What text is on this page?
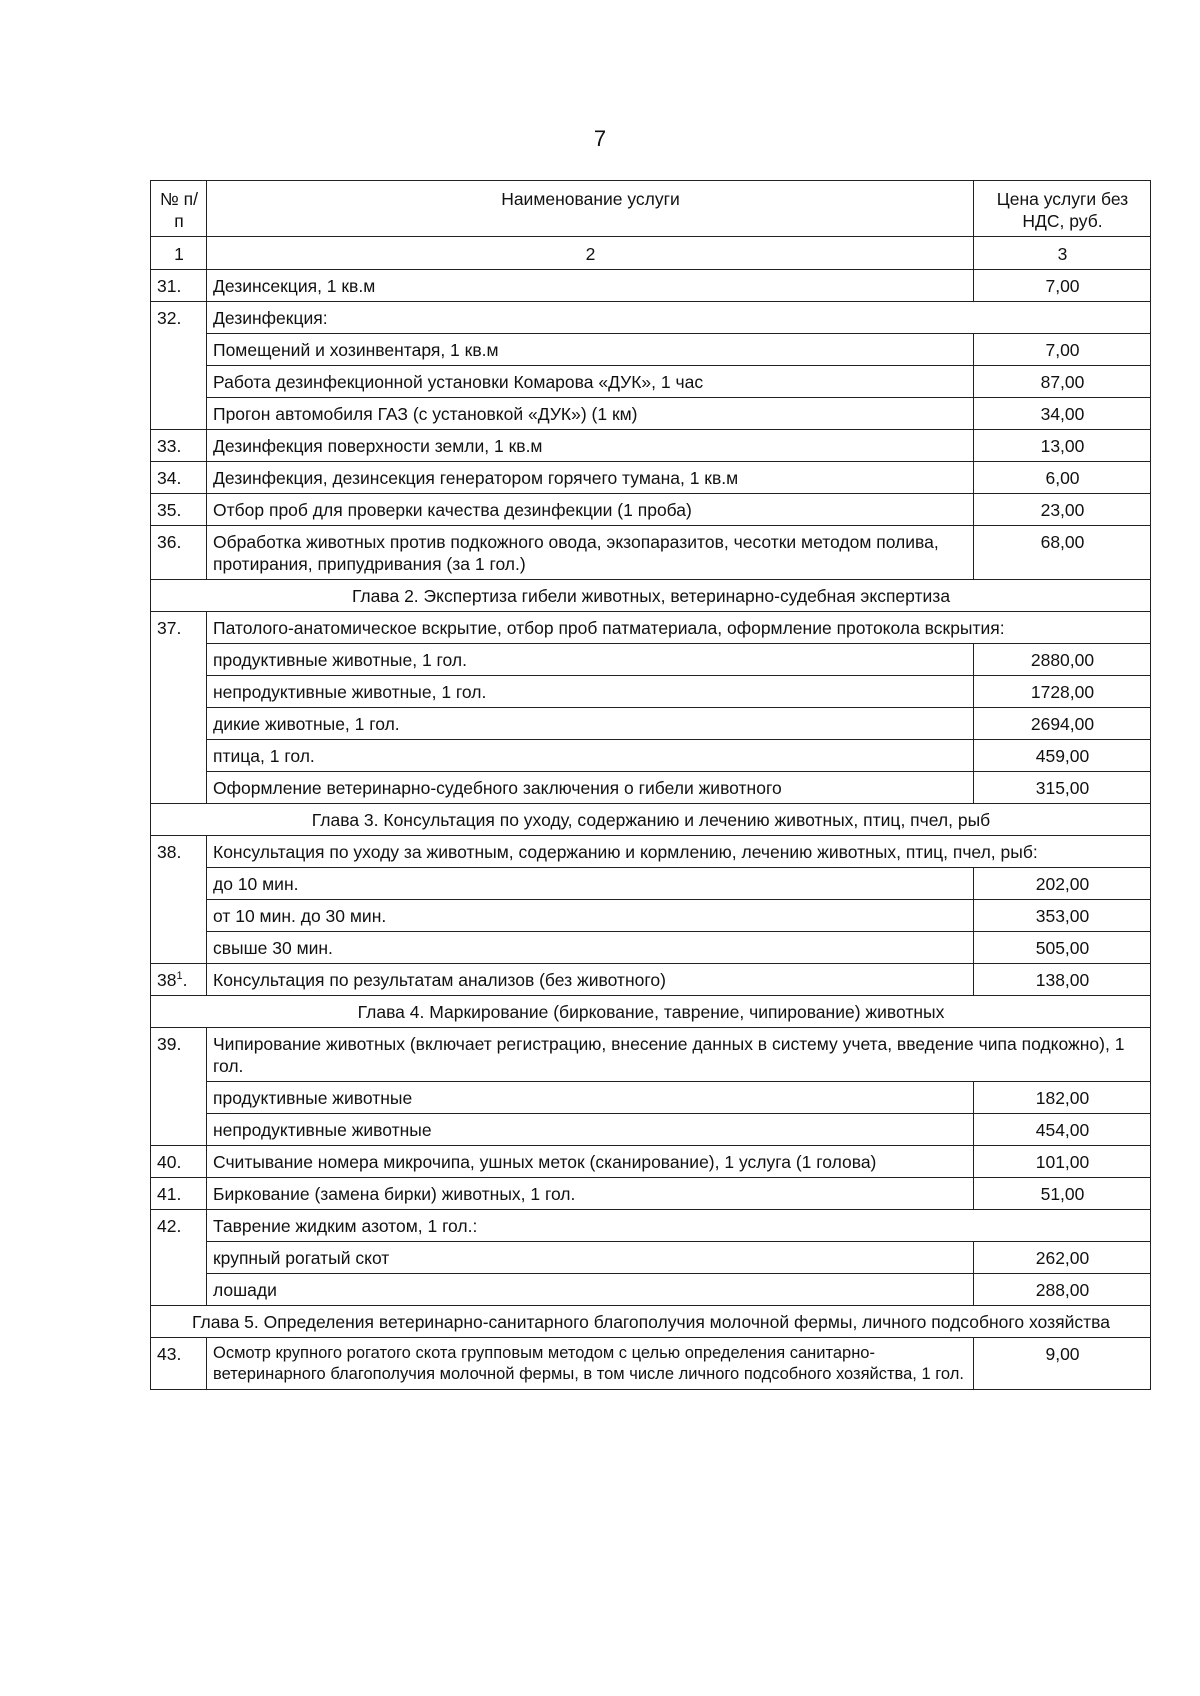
7
№ п/п	Наименование услуги	Цена услуги без НДС, руб.
1	2	3
31.	Дезинсекция, 1 кв.м	7,00
32.	Дезинфекция:	
	Помещений и хозинвентаря, 1 кв.м	7,00
	Работа дезинфекционной установки Комарова «ДУК», 1 час	87,00
	Прогон автомобиля ГАЗ (с установкой «ДУК») (1 км)	34,00
33.	Дезинфекция поверхности земли, 1 кв.м	13,00
34.	Дезинфекция, дезинсекция генератором горячего тумана, 1 кв.м	6,00
35.	Отбор проб для проверки качества дезинфекции (1 проба)	23,00
36.	Обработка животных против подкожного овода, экзопаразитов, чесотки методом полива, протирания, припудривания (за 1 гол.)	68,00
Глава 2. Экспертиза гибели животных, ветеринарно-судебная экспертиза		
37.	Патолого-анатомическое вскрытие, отбор проб патматериала, оформление протокола вскрытия:	
	продуктивные животные, 1 гол.	2880,00
	непродуктивные животные, 1 гол.	1728,00
	дикие животные, 1 гол.	2694,00
	птица, 1 гол.	459,00
	Оформление ветеринарно-судебного заключения о гибели животного	315,00
Глава 3. Консультация по уходу, содержанию и лечению животных, птиц, пчел, рыб		
38.	Консультация по уходу за животным, содержанию и кормлению, лечению животных, птиц, пчел, рыб:	
	до 10 мин.	202,00
	от 10 мин. до 30 мин.	353,00
	свыше 30 мин.	505,00
$38^1$.	Консультация по результатам анализов (без животного)	138,00
Глава 4. Маркирование (биркование, таврение, чипирование) животных		
39.	Чипирование животных (включает регистрацию, внесение данных в систему учета, введение чипа подкожно), 1 гол.	
	продуктивные животные	182,00
	непродуктивные животные	454,00
40.	Считывание номера микрочипа, ушных меток (сканирование), 1 услуга (1 голова)	101,00
41.	Биркование (замена бирки) животных, 1 гол.	51,00
42.	Таврение жидким азотом, 1 гол.:	
	крупный рогатый скот	262,00
	лошади	288,00
Глава 5. Определения ветеринарно-санитарного благополучия молочной фермы, личного подсобного хозяйства		
43.	Осмотр крупного рогатого скота групповым методом с целью определения санитарно-ветеринарного благополучия молочной фермы, в том числе личного подсобного хозяйства, 1 гол.	9,00
